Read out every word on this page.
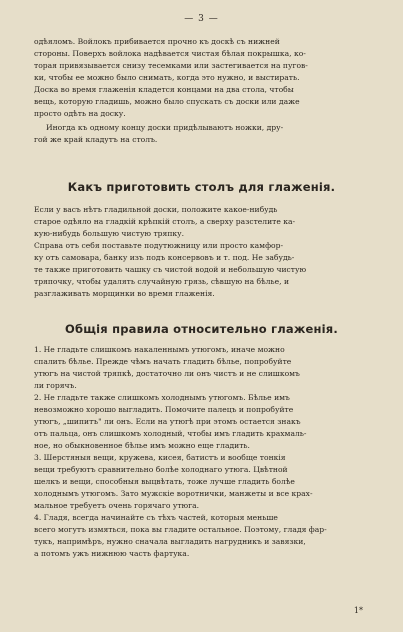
— 3 —
одѣяломъ. Войлокъ прибивается прочно къ доскѣ съ нижней
стороны. Поверхъ войлока надѣвается чистая бѣлая покрышка, ко-
торая привязывается снизу тесемками или застегивается на пугов-
ки, чтобы ее можно было снимать, когда это нужно, и выстирать.
Доска во время глаженія кладется концами на два стола, чтобы
вещь, которую гладишь, можно было спускать съ доски или даже
просто одѣть на доску.
Иногда къ одному концу доски придѣлываютъ ножки, дру-
гой же край кладутъ на столъ.
Какъ приготовить столъ для глаженія.
Если у васъ нѣтъ гладильной доски, положите какое-нибудь
старое одѣяло на гладкій крѣпкій столъ, а сверху разстелите ка-
кую-нибудь большую чистую тряпку.
Справа отъ себя поставьте подутюжницу или просто камфор-
ку отъ самовара, банку изъ подъ консервовъ и т. под. Не забудь-
те также приготовить чашку съ чистой водой и небольшую чистую
тряпочку, чтобы удалять случайную грязь, сѣвшую на бѣлье, и
разглаживать морщинки во время глаженія.
Общія правила относительно глаженія.
1. Не гладьте слишкомъ накаленнымъ утюгомъ, иначе можно
спалить бѣлье. Прежде чѣмъ начать гладить бѣлье, попробуйте
утюгъ на чистой тряпкѣ, достаточно ли онъ чистъ и не слишкомъ
ли горячъ.
2. Не гладьте также слишкомъ холоднымъ утюгомъ. Бѣлье имъ
невозможно хорошо выгладить. Помочите палецъ и попробуйте
утюгъ, „шипитъ" ли онъ. Если на утюгѣ при этомъ остается знакъ
отъ пальца, онъ слишкомъ холодный, чтобы имъ гладить крахмаль-
ное, но обыкновенное бѣлье имъ можно еще гладить.
3. Шерстяныя вещи, кружева, кисея, батистъ и вообще тонкія
вещи требуютъ сравнительно болѣе холоднаго утюга. Цвѣтной
шелкъ и вещи, способныя выцвѣтать, тоже лучше гладить болѣе
холоднымъ утюгомъ. Зато мужскіе воротнички, манжеты и все крах-
мальное требуетъ очень горячаго утюга.
4. Гладя, всегда начинайте съ тѣхъ частей, которыя меньше
всего могутъ измяться, пока вы гладите остальное. Поэтому, гладя фар-
тукъ, напримѣръ, нужно сначала выгладить нагрудникъ и завязки,
а потомъ ужъ нижнюю часть фартука.
1*
